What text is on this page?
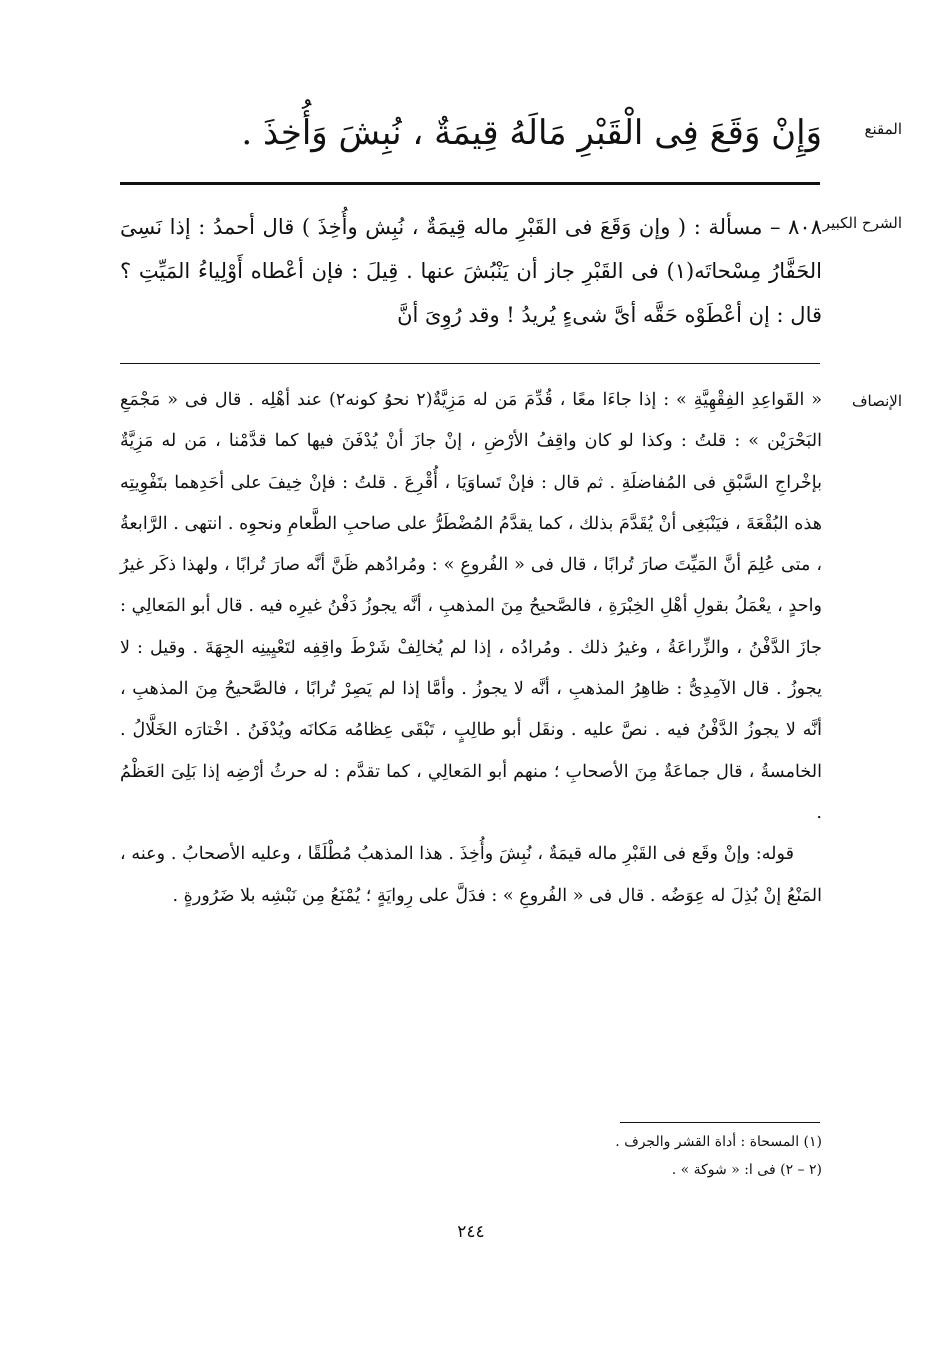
المقنع
وَإِنْ وَقَعَ فِى الْقَبْرِ مَالَهُ قِيمَةٌ ، نُبِشَ وَأُخِذَ .
الشرح الكبير
٨٠٨ – مسألة : ( وإن وَقَعَ فى القَبْرِ ماله قِيمَةٌ ، نُبِش وأُخِذَ ) قال أحمدُ : إذا نَسِىَ الحَفَّارُ مِسْحاتَه(١) فى القَبْرِ جاز أن يَنْبُشَ عنها . قِيلَ : فإن أعْطاه أَوْلِياءُ المَيِّتِ ؟ قال : إن أعْطَوْه حَقَّه أىَّ شىءٍ يُريدُ ! وقد رُوِىَ أنَّ
الإنصاف

« القَواعِدِ الفِقْهِيَّةِ » : إذا جاءَا معًا ، قُدِّمَ مَن له مَزِيَّةٌ(٢ نحوُ كونه٢) عند أهْلِه . قال فى « مَجْمَعِ البَحْرَيْن » : قلتُ : وكذا لو كان واقِفُ الأرْضِ ، إنْ جازَ أنْ يُدْفَنَ فيها كما قدَّمْنا ، مَن له مَزِيَّةٌ بإخْراجِ السَّبْقِ فى المُفاضلَةِ . ثم قال : فإنْ تَساوَيَا ، أُقْرِعَ . قلتُ : فإنْ خِيفَ على أحَدِهما بتَفْوِيتِه هذه البُقْعَةَ ، فيَنْبَغِى أنْ يُقَدَّمَ بذلك ، كما يقدَّمُ المُضْطَرُّ على صاحبِ الطَّعامِ ونحوِه . انتهى . الرَّابعةُ ، متى عُلِمَ أنَّ المَيِّتَ صارَ تُرابًا ، قال فى « الفُروعِ » : ومُرادُهم ظَنَّ أنَّه صارَ تُرابًا ، ولهذا ذكَر غيرُ واحدٍ ، يعْمَلُ بقولِ أهْلِ الخِبْرَةِ ، فالصَّحيحُ مِنَ المذهبِ ، أنَّه يجوزُ دَفْنُ غيرِه فيه . قال أبو المَعالِي : جازَ الدَّفْنُ ، والزِّراعَةُ ، وغيرُ ذلك . ومُرادُه ، إذا لم يُخالِفْ شَرْطَ واقِفِه لتَعْيِينِه الجِهَةَ . وقيل : لا يجوزُ . قال الآمِدِىُّ : ظاهِرُ المذهبِ ، أنَّه لا يجوزُ . وأمَّا إذا لم يَصِرْ تُرابًا ، فالصَّحيحُ مِنَ المذهبِ ، أنَّه لا يجوزُ الدَّفْنُ فيه . نصَّ عليه . ونقَل أبو طالِبٍ ، تَبْقَى عِظامُه مَكانَه ويُدْفَنُ . اخْتارَه الخَلَّالُ . الخامسةُ ، قال جماعَةٌ مِنَ الأصحابِ ؛ منهم أبو المَعالِي ، كما تقدَّم : له حرثُ أرْضِه إذا بَلِىَ العَظْمُ .

قوله: وإنْ وقَع فى القَبْرِ ماله قيمَةٌ ، نُبِشَ وأُخِذَ . هذا المذهبُ مُطْلَقًا ، وعليه الأصحابُ . وعنه ، المَنْعُ إنْ بُذِلَ له عِوَضُه . قال فى « الفُروعِ » : فدَلَّ على رِوايَةٍ ؛ يُمْنَعُ مِن نَبْشِه بلا ضَرُورةٍ .

(١) المسحاة : أداة القشر والجرف .
(٢ – ٢) فى ا: « شوكة » .
٢٤٤
